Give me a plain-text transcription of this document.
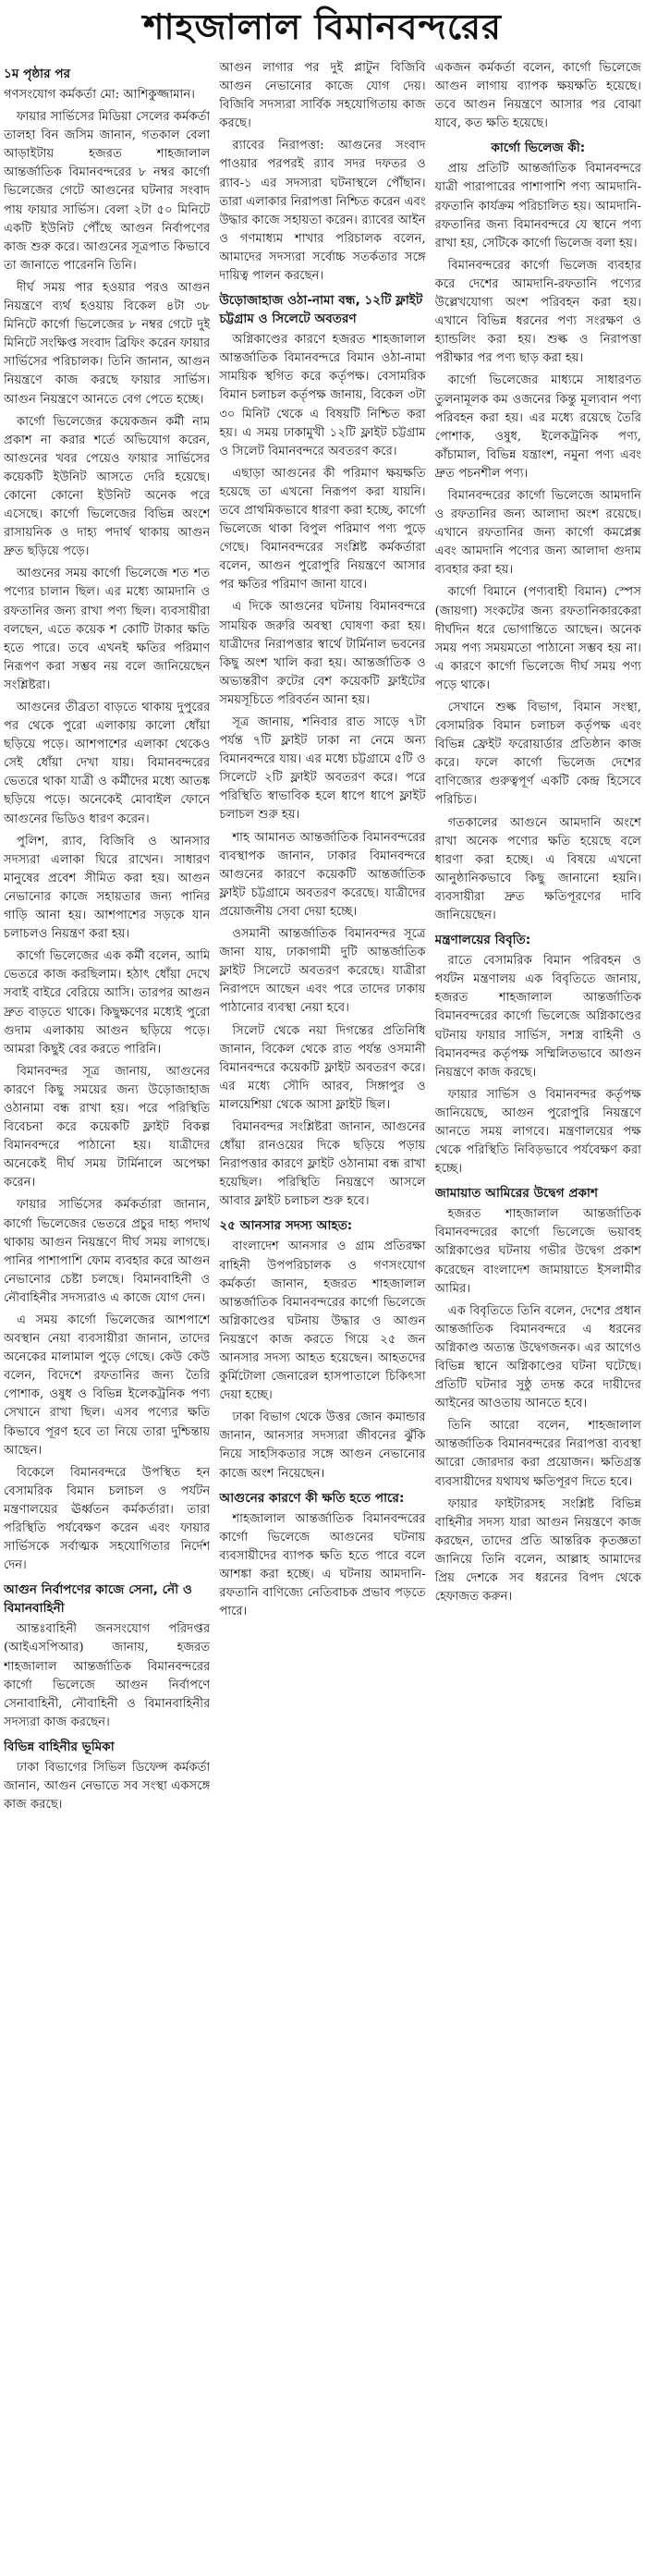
শাহজালাল বিমানবন্দরের
১ম পৃষ্ঠার পর

গণসংযোগ কর্মকর্তা মো: আশিকুজ্জামান।

ফায়ার সার্ভিসের মিডিয়া সেলের কর্মকর্তা তালহা বিন জসিম জানান, গতকাল বেলা আড়াইটায় হজরত শাহজালাল আন্তর্জাতিক বিমানবন্দরের ৮ নম্বর কার্গো ভিলেজের গেটে আগুনের ঘটনার সংবাদ পায় ফায়ার সার্ভিস। বেলা ২টা ৫০ মিনিটে একটি ইউনিট পৌঁছে আগুন নির্বাপণের কাজ শুরু করে। আগুনের সূত্রপাত কিভাবে তা জানাতে পারেননি তিনি।

দীর্ঘ সময় পার হওয়ার পরও আগুন নিয়ন্ত্রণে ব্যর্থ হওয়ায় বিকেল ৪টা ৩৮ মিনিটে কার্গো ভিলেজের ৮ নম্বর গেটে দুই মিনিটে সংক্ষিপ্ত সংবাদ ব্রিফিং করেন ফায়ার সার্ভিসের পরিচালক। তিনি জানান, আগুন নিয়ন্ত্রণে কাজ করছে ফায়ার সার্ভিস। আগুন নিয়ন্ত্রণে আনতে বেগ পেতে হচ্ছে।

কার্গো ভিলেজের কয়েকজন কর্মী নাম প্রকাশ না করার শর্তে অভিযোগ করেন, আগুনের খবর পেয়েও ফায়ার সার্ভিসের কয়েকটি ইউনিট আসতে দেরি হয়েছে। কোনো কোনো ইউনিট অনেক পরে এসেছে। কার্গো ভিলেজের বিভিন্ন অংশে রাসায়নিক ও দাহ্য পদার্থ থাকায় আগুন দ্রুত ছড়িয়ে পড়ে।

আগুনের সময় কার্গো ভিলেজে শত শত পণ্যের চালান ছিল। এর মধ্যে আমদানি ও রফতানির জন্য রাখা পণ্য ছিল। ব্যবসায়ীরা বলছেন, এতে কয়েক শ কোটি টাকার ক্ষতি হতে পারে। তবে এখনই ক্ষতির পরিমাণ নিরূপণ করা সম্ভব নয় বলে জানিয়েছেন সংশ্লিষ্টরা।

আগুনের তীব্রতা বাড়তে থাকায় দুপুরের পর থেকে পুরো এলাকায় কালো ধোঁয়া ছড়িয়ে পড়ে। আশপাশের এলাকা থেকেও সেই ধোঁয়া দেখা যায়। বিমানবন্দরের ভেতরে থাকা যাত্রী ও কর্মীদের মধ্যে আতঙ্ক ছড়িয়ে পড়ে। অনেকেই মোবাইল ফোনে আগুনের ভিডিও ধারণ করেন।

পুলিশ, র‌্যাব, বিজিবি ও আনসার সদস্যরা এলাকা ঘিরে রাখেন। সাধারণ মানুষের প্রবেশ সীমিত করা হয়। আগুন নেভানোর কাজে সহায়তার জন্য পানির গাড়ি আনা হয়। আশপাশের সড়কে যান চলাচলও নিয়ন্ত্রণ করা হয়।

কার্গো ভিলেজের এক কর্মী বলেন, আমি ভেতরে কাজ করছিলাম। হঠাৎ ধোঁয়া দেখে সবাই বাইরে বেরিয়ে আসি। তারপর আগুন দ্রুত বাড়তে থাকে। কিছুক্ষণের মধ্যেই পুরো গুদাম এলাকায় আগুন ছড়িয়ে পড়ে। আমরা কিছুই বের করতে পারিনি।

বিমানবন্দর সূত্র জানায়, আগুনের কারণে কিছু সময়ের জন্য উড়োজাহাজ ওঠানামা বন্ধ রাখা হয়। পরে পরিস্থিতি বিবেচনা করে কয়েকটি ফ্লাইট বিকল্প বিমানবন্দরে পাঠানো হয়। যাত্রীদের অনেকেই দীর্ঘ সময় টার্মিনালে অপেক্ষা করেন।

ফায়ার সার্ভিসের কর্মকর্তারা জানান, কার্গো ভিলেজের ভেতরে প্রচুর দাহ্য পদার্থ থাকায় আগুন নিয়ন্ত্রণে দীর্ঘ সময় লাগছে। পানির পাশাপাশি ফোম ব্যবহার করে আগুন নেভানোর চেষ্টা চলছে। বিমানবাহিনী ও নৌবাহিনীর সদস্যরাও এ কাজে যোগ দেন।

এ সময় কার্গো ভিলেজের আশপাশে অবস্থান নেয়া ব্যবসায়ীরা জানান, তাদের অনেকের মালামাল পুড়ে গেছে। কেউ কেউ বলেন, বিদেশে রফতানির জন্য তৈরি পোশাক, ওষুধ ও বিভিন্ন ইলেকট্রনিক পণ্য সেখানে রাখা ছিল। এসব পণ্যের ক্ষতি কিভাবে পূরণ হবে তা নিয়ে তারা দুশ্চিন্তায় আছেন।

বিকেলে বিমানবন্দরে উপস্থিত হন বেসামরিক বিমান চলাচল ও পর্যটন মন্ত্রণালয়ের ঊর্ধ্বতন কর্মকর্তারা। তারা পরিস্থিতি পর্যবেক্ষণ করেন এবং ফায়ার সার্ভিসকে সর্বাত্মক সহযোগিতার নির্দেশ দেন।

আগুন নির্বাপণের কাজে সেনা, নৌ ও বিমানবাহিনী

আন্তঃবাহিনী জনসংযোগ পরিদপ্তর (আইএসপিআর) জানায়, হজরত শাহজালাল আন্তর্জাতিক বিমানবন্দরের কার্গো ভিলেজে আগুন নির্বাপণে সেনাবাহিনী, নৌবাহিনী ও বিমানবাহিনীর সদস্যরা কাজ করছেন।

বিভিন্ন বাহিনীর ভূমিকা

ঢাকা বিভাগের সিভিল ডিফেন্স কর্মকর্তা জানান, আগুন নেভাতে সব সংস্থা একসঙ্গে কাজ করছে।

আগুন লাগার পর দুই প্লাটুন বিজিবি আগুন নেভানোর কাজে যোগ দেয়। বিজিবি সদস্যরা সার্বিক সহযোগিতায় কাজ করছে।

র‌্যাবের নিরাপত্তা: আগুনের সংবাদ পাওয়ার পরপরই র‌্যাব সদর দফতর ও র‌্যাব-১ এর সদস্যরা ঘটনাস্থলে পৌঁছান। তারা এলাকার নিরাপত্তা নিশ্চিত করেন এবং উদ্ধার কাজে সহায়তা করেন। র‌্যাবের আইন ও গণমাধ্যম শাখার পরিচালক বলেন, আমাদের সদস্যরা সর্বোচ্চ সতর্কতার সঙ্গে দায়িত্ব পালন করছেন।

উড়োজাহাজ ওঠা-নামা বন্ধ, ১২টি ফ্লাইট চট্টগ্রাম ও সিলেটে অবতরণ

অগ্নিকাণ্ডের কারণে হজরত শাহজালাল আন্তর্জাতিক বিমানবন্দরে বিমান ওঠা-নামা সাময়িক স্থগিত করে কর্তৃপক্ষ। বেসামরিক বিমান চলাচল কর্তৃপক্ষ জানায়, বিকেল ৩টা ৩০ মিনিট থেকে এ বিষয়টি নিশ্চিত করা হয়। এ সময় ঢাকামুখী ১২টি ফ্লাইট চট্টগ্রাম ও সিলেট বিমানবন্দরে অবতরণ করে।

এছাড়া আগুনের কী পরিমাণ ক্ষয়ক্ষতি হয়েছে তা এখনো নিরূপণ করা যায়নি। তবে প্রাথমিকভাবে ধারণা করা হচ্ছে, কার্গো ভিলেজে থাকা বিপুল পরিমাণ পণ্য পুড়ে গেছে। বিমানবন্দরের সংশ্লিষ্ট কর্মকর্তারা বলেন, আগুন পুরোপুরি নিয়ন্ত্রণে আসার পর ক্ষতির পরিমাণ জানা যাবে।

এ দিকে আগুনের ঘটনায় বিমানবন্দরে সাময়িক জরুরি অবস্থা ঘোষণা করা হয়। যাত্রীদের নিরাপত্তার স্বার্থে টার্মিনাল ভবনের কিছু অংশ খালি করা হয়। আন্তর্জাতিক ও অভ্যন্তরীণ রুটের বেশ কয়েকটি ফ্লাইটের সময়সূচিতে পরিবর্তন আনা হয়।

সূত্র জানায়, শনিবার রাত সাড়ে ৭টা পর্যন্ত ৭টি ফ্লাইট ঢাকা না নেমে অন্য বিমানবন্দরে যায়। এর মধ্যে চট্টগ্রামে ৫টি ও সিলেটে ২টি ফ্লাইট অবতরণ করে। পরে পরিস্থিতি স্বাভাবিক হলে ধাপে ধাপে ফ্লাইট চলাচল শুরু হয়।

শাহ আমানত আন্তর্জাতিক বিমানবন্দরের ব্যবস্থাপক জানান, ঢাকার বিমানবন্দরে আগুনের কারণে কয়েকটি আন্তর্জাতিক ফ্লাইট চট্টগ্রামে অবতরণ করেছে। যাত্রীদের প্রয়োজনীয় সেবা দেয়া হচ্ছে।

ওসমানী আন্তর্জাতিক বিমানবন্দর সূত্রে জানা যায়, ঢাকাগামী দুটি আন্তর্জাতিক ফ্লাইট সিলেটে অবতরণ করেছে। যাত্রীরা নিরাপদে আছেন এবং পরে তাদের ঢাকায় পাঠানোর ব্যবস্থা নেয়া হবে।

সিলেট থেকে নয়া দিগন্তের প্রতিনিধি জানান, বিকেল থেকে রাত পর্যন্ত ওসমানী বিমানবন্দরে কয়েকটি ফ্লাইট অবতরণ করে। এর মধ্যে সৌদি আরব, সিঙ্গাপুর ও মালয়েশিয়া থেকে আসা ফ্লাইট ছিল।

বিমানবন্দর সংশ্লিষ্টরা জানান, আগুনের ধোঁয়া রানওয়ের দিকে ছড়িয়ে পড়ায় নিরাপত্তার কারণে ফ্লাইট ওঠানামা বন্ধ রাখা হয়েছিল। পরিস্থিতি নিয়ন্ত্রণে আসলে আবার ফ্লাইট চলাচল শুরু হবে।

২৫ আনসার সদস্য আহত:

বাংলাদেশ আনসার ও গ্রাম প্রতিরক্ষা বাহিনী উপপরিচালক ও গণসংযোগ কর্মকর্তা জানান, হজরত শাহজালাল আন্তর্জাতিক বিমানবন্দরের কার্গো ভিলেজে অগ্নিকাণ্ডের ঘটনায় উদ্ধার ও আগুন নিয়ন্ত্রণে কাজ করতে গিয়ে ২৫ জন আনসার সদস্য আহত হয়েছেন। আহতদের কুর্মিটোলা জেনারেল হাসপাতালে চিকিৎসা দেয়া হচ্ছে।

ঢাকা বিভাগ থেকে উত্তর জোন কমান্ডার জানান, আনসার সদস্যরা জীবনের ঝুঁকি নিয়ে সাহসিকতার সঙ্গে আগুন নেভানোর কাজে অংশ নিয়েছেন।

আগুনের কারণে কী ক্ষতি হতে পারে:

শাহজালাল আন্তর্জাতিক বিমানবন্দরের কার্গো ভিলেজে আগুনের ঘটনায় ব্যবসায়ীদের ব্যাপক ক্ষতি হতে পারে বলে আশঙ্কা করা হচ্ছে। এ ঘটনায় আমদানি-রফতানি বাণিজ্যে নেতিবাচক প্রভাব পড়তে পারে।

একজন কর্মকর্তা বলেন, কার্গো ভিলেজে আগুন লাগায় ব্যাপক ক্ষয়ক্ষতি হয়েছে। তবে আগুন নিয়ন্ত্রণে আসার পর বোঝা যাবে, কত ক্ষতি হয়েছে।

কার্গো ভিলেজ কী:

প্রায় প্রতিটি আন্তর্জাতিক বিমানবন্দরে যাত্রী পারাপারের পাশাপাশি পণ্য আমদানি-রফতানি কার্যক্রম পরিচালিত হয়। আমদানি-রফতানির জন্য বিমানবন্দরে যে স্থানে পণ্য রাখা হয়, সেটিকে কার্গো ভিলেজ বলা হয়।

বিমানবন্দরের কার্গো ভিলেজ ব্যবহার করে দেশের আমদানি-রফতানি পণ্যের উল্লেখযোগ্য অংশ পরিবহন করা হয়। এখানে বিভিন্ন ধরনের পণ্য সংরক্ষণ ও হ্যান্ডলিং করা হয়। শুল্ক ও নিরাপত্তা পরীক্ষার পর পণ্য ছাড় করা হয়।

কার্গো ভিলেজের মাধ্যমে সাধারণত তুলনামূলক কম ওজনের কিন্তু মূল্যবান পণ্য পরিবহন করা হয়। এর মধ্যে রয়েছে তৈরি পোশাক, ওষুধ, ইলেকট্রনিক পণ্য, কাঁচামাল, বিভিন্ন যন্ত্রাংশ, নমুনা পণ্য এবং দ্রুত পচনশীল পণ্য।

বিমানবন্দরের কার্গো ভিলেজে আমদানি ও রফতানির জন্য আলাদা অংশ রয়েছে। এখানে রফতানির জন্য কার্গো কমপ্লেক্স এবং আমদানি পণ্যের জন্য আলাদা গুদাম ব্যবহার করা হয়।

কার্গো বিমানে (পণ্যবাহী বিমান) স্পেস (জায়গা) সংকটের জন্য রফতানিকারকেরা দীর্ঘদিন ধরে ভোগান্তিতে আছেন। অনেক সময় পণ্য সময়মতো পাঠানো সম্ভব হয় না। এ কারণে কার্গো ভিলেজে দীর্ঘ সময় পণ্য পড়ে থাকে।

সেখানে শুল্ক বিভাগ, বিমান সংস্থা, বেসামরিক বিমান চলাচল কর্তৃপক্ষ এবং বিভিন্ন ফ্রেইট ফরোয়ার্ডার প্রতিষ্ঠান কাজ করে। ফলে কার্গো ভিলেজ দেশের বাণিজ্যের গুরুত্বপূর্ণ একটি কেন্দ্র হিসেবে পরিচিত।

গতকালের আগুনে আমদানি অংশে রাখা অনেক পণ্যের ক্ষতি হয়েছে বলে ধারণা করা হচ্ছে। এ বিষয়ে এখনো আনুষ্ঠানিকভাবে কিছু জানানো হয়নি। ব্যবসায়ীরা দ্রুত ক্ষতিপূরণের দাবি জানিয়েছেন।

মন্ত্রণালয়ের বিবৃতি:

রাতে বেসামরিক বিমান পরিবহন ও পর্যটন মন্ত্রণালয় এক বিবৃতিতে জানায়, হজরত শাহজালাল আন্তর্জাতিক বিমানবন্দরের কার্গো ভিলেজে অগ্নিকাণ্ডের ঘটনায় ফায়ার সার্ভিস, সশস্ত্র বাহিনী ও বিমানবন্দর কর্তৃপক্ষ সম্মিলিতভাবে আগুন নিয়ন্ত্রণে কাজ করছে।

ফায়ার সার্ভিস ও বিমানবন্দর কর্তৃপক্ষ জানিয়েছে, আগুন পুরোপুরি নিয়ন্ত্রণে আনতে সময় লাগবে। মন্ত্রণালয়ের পক্ষ থেকে পরিস্থিতি নিবিড়ভাবে পর্যবেক্ষণ করা হচ্ছে।

জামায়াত আমিরের উদ্বেগ প্রকাশ

হজরত শাহজালাল আন্তর্জাতিক বিমানবন্দরের কার্গো ভিলেজে ভয়াবহ অগ্নিকাণ্ডের ঘটনায় গভীর উদ্বেগ প্রকাশ করেছেন বাংলাদেশ জামায়াতে ইসলামীর আমির।

এক বিবৃতিতে তিনি বলেন, দেশের প্রধান আন্তর্জাতিক বিমানবন্দরে এ ধরনের অগ্নিকাণ্ড অত্যন্ত উদ্বেগজনক। এর আগেও বিভিন্ন স্থানে অগ্নিকাণ্ডের ঘটনা ঘটেছে। প্রতিটি ঘটনার সুষ্ঠু তদন্ত করে দায়ীদের আইনের আওতায় আনতে হবে।

তিনি আরো বলেন, শাহজালাল আন্তর্জাতিক বিমানবন্দরের নিরাপত্তা ব্যবস্থা আরো জোরদার করা প্রয়োজন। ক্ষতিগ্রস্ত ব্যবসায়ীদের যথাযথ ক্ষতিপূরণ দিতে হবে।

ফায়ার ফাইটারসহ সংশ্লিষ্ট বিভিন্ন বাহিনীর সদস্য যারা আগুন নিয়ন্ত্রণে কাজ করছেন, তাদের প্রতি আন্তরিক কৃতজ্ঞতা জানিয়ে তিনি বলেন, আল্লাহ আমাদের প্রিয় দেশকে সব ধরনের বিপদ থেকে হেফাজত করুন।
